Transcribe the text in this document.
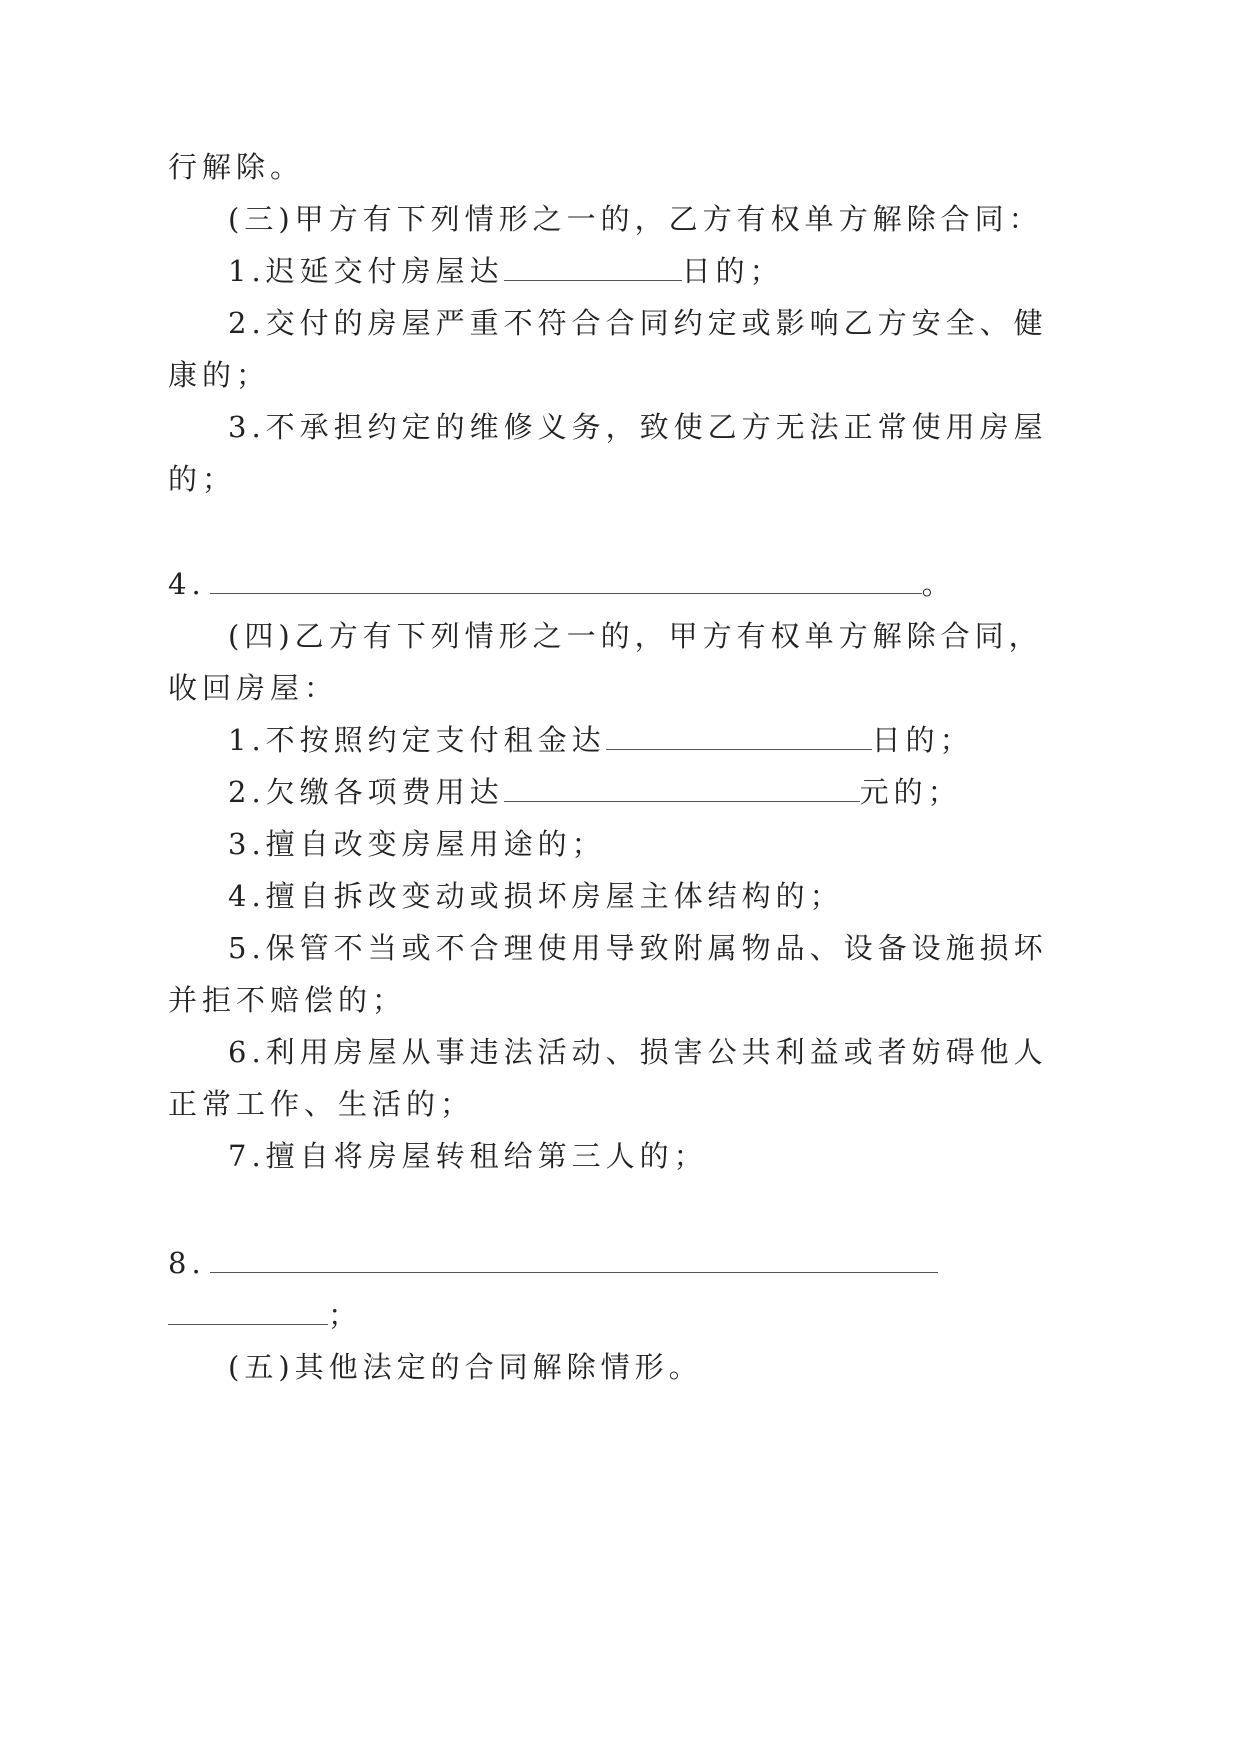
行解除。
(三)甲方有下列情形之一的，乙方有权单方解除合同：
1.迟延交付房屋达	日的；
2.交付的房屋严重不符合合同约定或影响乙方安全、健
康的；
3.不承担约定的维修义务，致使乙方无法正常使用房屋
的；
4.	。
(四)乙方有下列情形之一的，甲方有权单方解除合同，
收回房屋：
1.不按照约定支付租金达	日的；
2.欠缴各项费用达	元的；
3.擅自改变房屋用途的；
4.擅自拆改变动或损坏房屋主体结构的；
5.保管不当或不合理使用导致附属物品、设备设施损坏
并拒不赔偿的；
6.利用房屋从事违法活动、损害公共利益或者妨碍他人
正常工作、生活的；
7.擅自将房屋转租给第三人的；
8.
；
(五)其他法定的合同解除情形。
